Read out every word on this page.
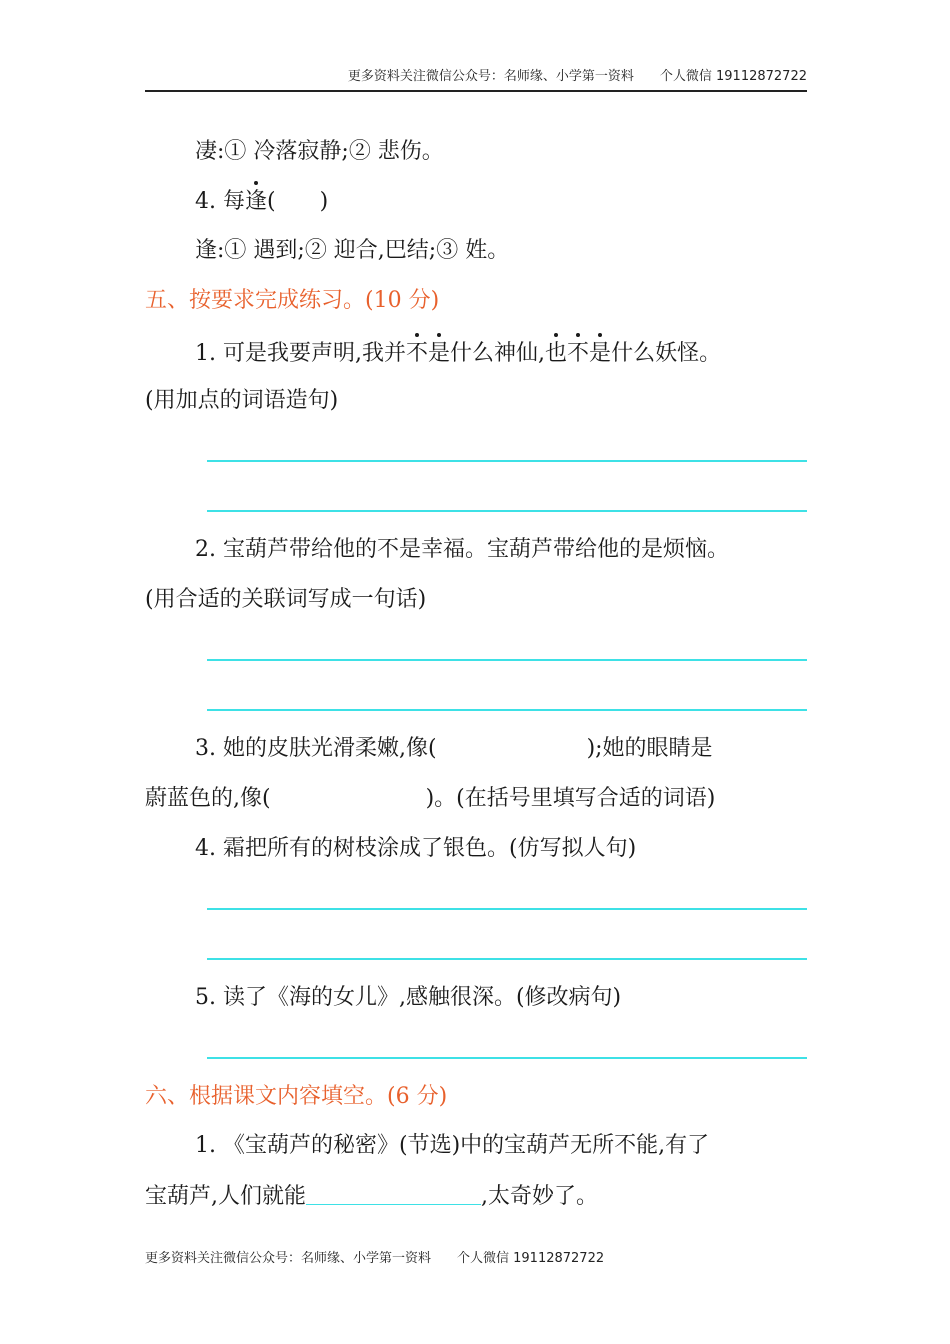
更多资料关注微信公众号：名师缘、小学第一资料　　个人微信 19112872722
凄:① 冷落寂静;② 悲伤。
4. 每逢(　　)
逢:① 遇到;② 迎合,巴结;③ 姓。
五、按要求完成练习。(10 分)
1. 可是我要声明,我并不是什么神仙,也不是什么妖怪。
(用加点的词语造句)
2. 宝葫芦带给他的不是幸福。宝葫芦带给他的是烦恼。
(用合适的关联词写成一句话)
3. 她的皮肤光滑柔嫩,像(	);她的眼睛是
蔚蓝色的,像(	)。(在括号里填写合适的词语)
4. 霜把所有的树枝涂成了银色。(仿写拟人句)
5. 读了《海的女儿》,感触很深。(修改病句)
六、根据课文内容填空。(6 分)
1. 《宝葫芦的秘密》(节选)中的宝葫芦无所不能,有了
宝葫芦,人们就能	,太奇妙了。
更多资料关注微信公众号：名师缘、小学第一资料　　个人微信 19112872722
